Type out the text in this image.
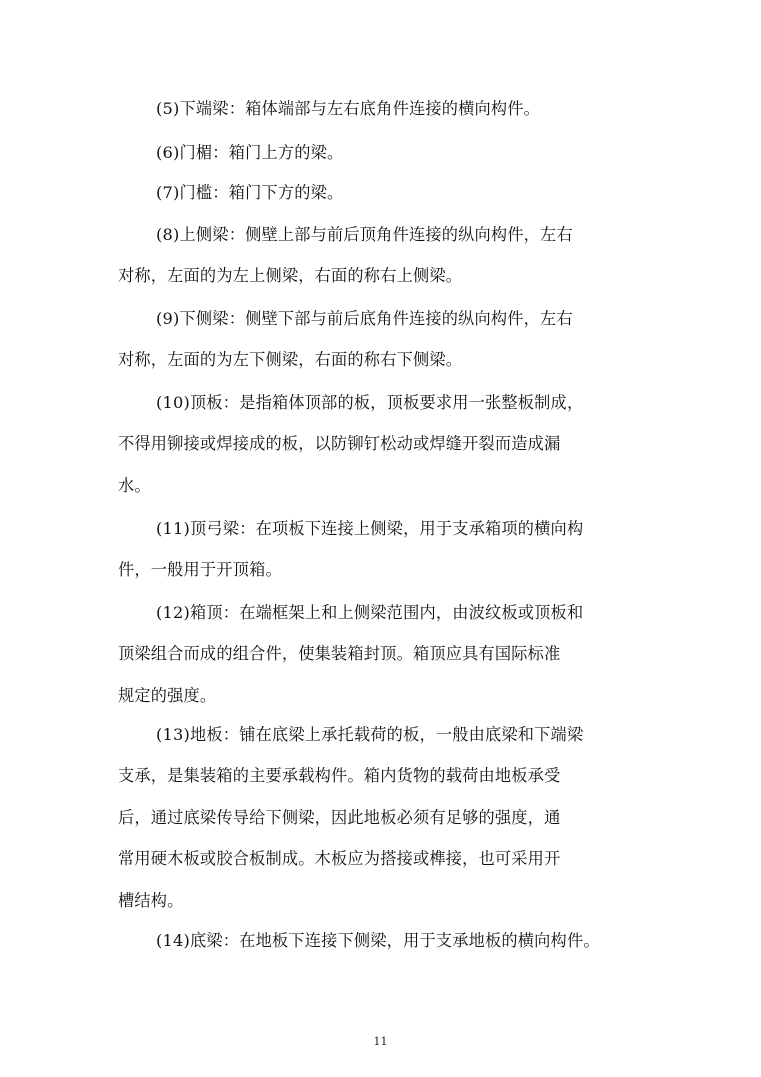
(5)下端梁：箱体端部与左右底角件连接的横向构件。

(6)门楣：箱门上方的梁。

(7)门槛：箱门下方的梁。

(8)上侧梁：侧壁上部与前后顶角件连接的纵向构件，左右
对称，左面的为左上侧梁，右面的称右上侧梁。

(9)下侧梁：侧壁下部与前后底角件连接的纵向构件，左右
对称，左面的为左下侧梁，右面的称右下侧梁。

(10)顶板：是指箱体顶部的板，顶板要求用一张整板制成，
不得用铆接或焊接成的板，以防铆钉松动或焊缝开裂而造成漏
水。

(11)顶弓梁：在项板下连接上侧梁，用于支承箱项的横向构
件，一般用于开顶箱。

(12)箱顶：在端框架上和上侧梁范围内，由波纹板或顶板和
顶梁组合而成的组合件，使集装箱封顶。箱顶应具有国际标准
规定的强度。

(13)地板：铺在底梁上承托载荷的板，一般由底梁和下端梁
支承，是集装箱的主要承载构件。箱内货物的载荷由地板承受
后，通过底梁传导给下侧梁，因此地板必须有足够的强度，通
常用硬木板或胶合板制成。木板应为搭接或榫接，也可采用开
槽结构。

(14)底梁：在地板下连接下侧梁，用于支承地板的横向构件。

11
